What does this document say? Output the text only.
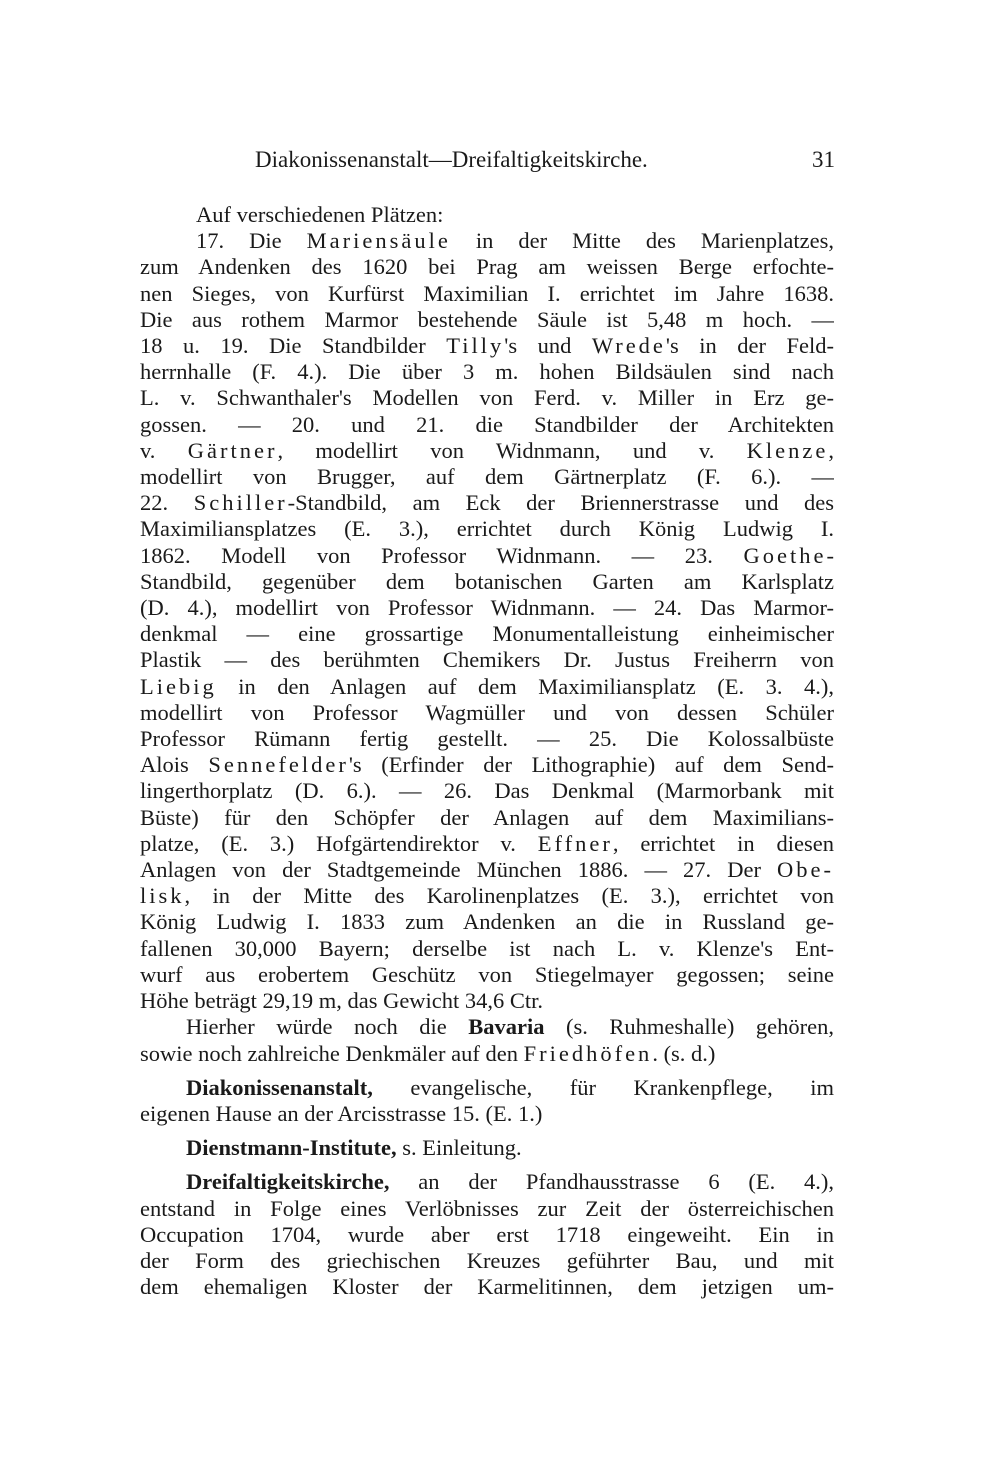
Diakonissenanstalt—Dreifaltigkeitskirche.	31
Auf verschiedenen Plätzen:
17. Die Mariensäule in der Mitte des Marienplatzes,
zum Andenken des 1620 bei Prag am weissen Berge erfochte-
nen Sieges, von Kurfürst Maximilian I. errichtet im Jahre 1638.
Die aus rothem Marmor bestehende Säule ist 5,48 m hoch. —
18 u. 19. Die Standbilder Tilly's und Wrede's in der Feld-
herrnhalle (F. 4.). Die über 3 m. hohen Bildsäulen sind nach
L. v. Schwanthaler's Modellen von Ferd. v. Miller in Erz ge-
gossen. — 20. und 21. die Standbilder der Architekten
v. Gärtner, modellirt von Widnmann, und v. Klenze,
modellirt von Brugger, auf dem Gärtnerplatz (F. 6.). —
22. Schiller-Standbild, am Eck der Briennerstrasse und des
Maximiliansplatzes (E. 3.), errichtet durch König Ludwig I.
1862. Modell von Professor Widnmann. — 23. Goethe-
Standbild, gegenüber dem botanischen Garten am Karlsplatz
(D. 4.), modellirt von Professor Widnmann. — 24. Das Marmor-
denkmal — eine grossartige Monumentalleistung einheimischer
Plastik — des berühmten Chemikers Dr. Justus Freiherrn von
Liebig in den Anlagen auf dem Maximiliansplatz (E. 3. 4.),
modellirt von Professor Wagmüller und von dessen Schüler
Professor Rümann fertig gestellt. — 25. Die Kolossalbüste
Alois Sennefelder's (Erfinder der Lithographie) auf dem Send-
lingerthorplatz (D. 6.). — 26. Das Denkmal (Marmorbank mit
Büste) für den Schöpfer der Anlagen auf dem Maximilians-
platze, (E. 3.) Hofgärtendirektor v. Effner, errichtet in diesen
Anlagen von der Stadtgemeinde München 1886. — 27. Der Obe-
lisk, in der Mitte des Karolinenplatzes (E. 3.), errichtet von
König Ludwig I. 1833 zum Andenken an die in Russland ge-
fallenen 30,000 Bayern; derselbe ist nach L. v. Klenze's Ent-
wurf aus erobertem Geschütz von Stiegelmayer gegossen; seine
Höhe beträgt 29,19 m, das Gewicht 34,6 Ctr.
Hierher würde noch die Bavaria (s. Ruhmeshalle) gehören,
sowie noch zahlreiche Denkmäler auf den Friedhöfen. (s. d.)
Diakonissenanstalt, evangelische, für Krankenpflege, im
eigenen Hause an der Arcisstrasse 15. (E. 1.)
Dienstmann-Institute, s. Einleitung.
Dreifaltigkeitskirche, an der Pfandhausstrasse 6 (E. 4.),
entstand in Folge eines Verlöbnisses zur Zeit der österreichischen
Occupation 1704, wurde aber erst 1718 eingeweiht. Ein in
der Form des griechischen Kreuzes geführter Bau, und mit
dem ehemaligen Kloster der Karmelitinnen, dem jetzigen um-
